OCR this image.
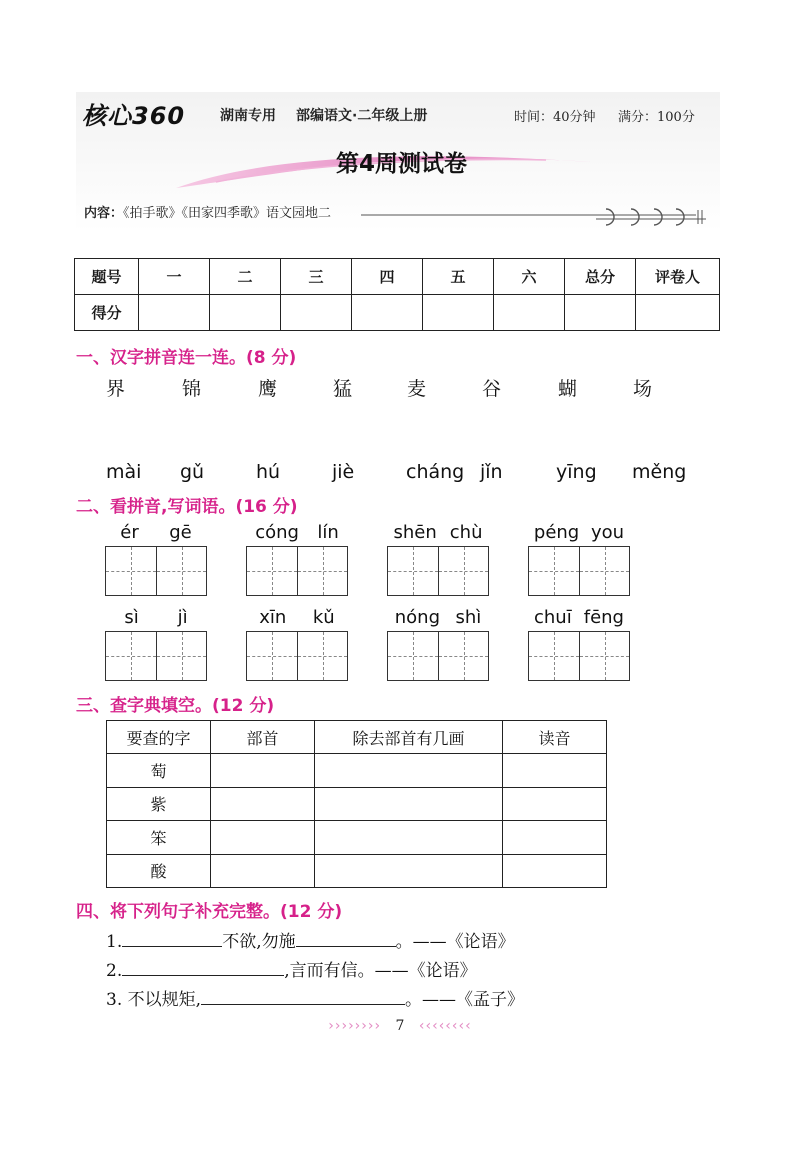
核心360 湖南专用 部编语文·二年级上册	时间：40分钟 满分：100分
第4周测试卷
内容：《拍手歌》《田家四季歌》语文园地二
题号	一	二	三	四	五	六	总分	评卷人
得分								
一、汉字拼音连一连。(8 分)
界	锦	鹰	猛	麦	谷	蝴	场
mài gǔ	hú	jiè	cháng jǐn	yīng měng
二、看拼音,写词语。(16 分)
ér gē	cóng lín	shēn chù	péng you
sì jì	xīn kǔ	nóng shì	chuī fēng
三、查字典填空。(12 分)
要查的字	部首	除去部首有几画	读音
萄			
紫			
笨			
酸			
四、将下列句子补充完整。(12 分)
1.	不欲,勿施	。——《论语》
2.	,言而有信。——《论语》
3. 不以规矩,	。——《孟子》
›››››››› 7 ‹‹‹‹‹‹‹‹
